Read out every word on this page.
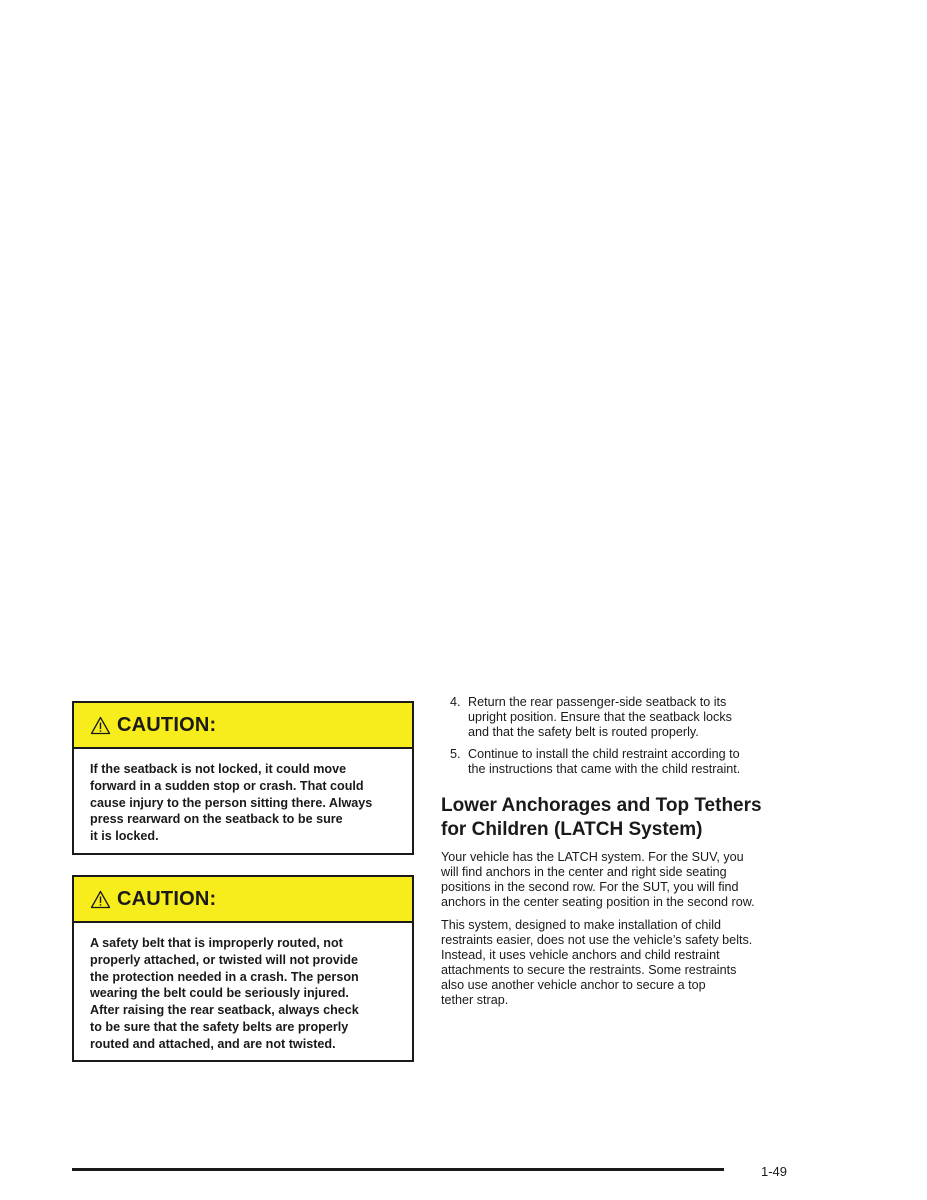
CAUTION:
If the seatback is not locked, it could move
forward in a sudden stop or crash. That could
cause injury to the person sitting there. Always
press rearward on the seatback to be sure
it is locked.
CAUTION:
A safety belt that is improperly routed, not
properly attached, or twisted will not provide
the protection needed in a crash. The person
wearing the belt could be seriously injured.
After raising the rear seatback, always check
to be sure that the safety belts are properly
routed and attached, and are not twisted.
4. Return the rear passenger-side seatback to its
upright position. Ensure that the seatback locks
and that the safety belt is routed properly.
5. Continue to install the child restraint according to
the instructions that came with the child restraint.
Lower Anchorages and Top Tethers
for Children (LATCH System)
Your vehicle has the LATCH system. For the SUV, you
will find anchors in the center and right side seating
positions in the second row. For the SUT, you will find
anchors in the center seating position in the second row.
This system, designed to make installation of child
restraints easier, does not use the vehicle’s safety belts.
Instead, it uses vehicle anchors and child restraint
attachments to secure the restraints. Some restraints
also use another vehicle anchor to secure a top
tether strap.
1-49
